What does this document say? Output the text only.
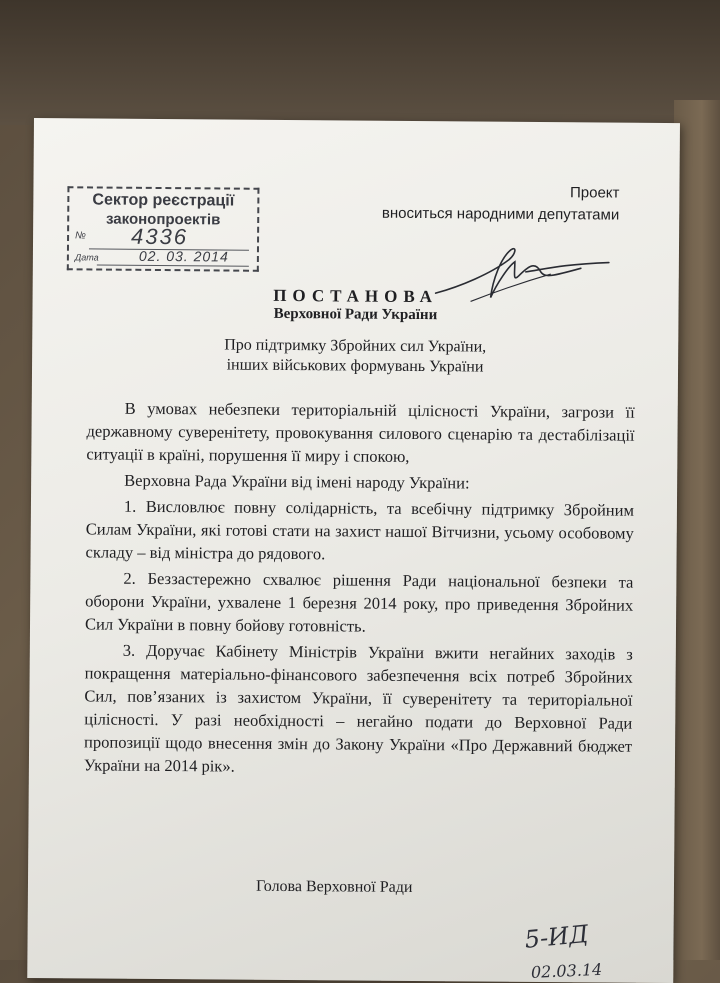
Сектор реєстрації
законопроектів
№ 4336
Дата	02. 03. 2014
Проект
вноситься народними депутатами
ПОСТАНОВА
Верховної Ради України
Про підтримку Збройних сил України,
інших військових формувань України

В умовах небезпеки територіальній цілісності України, загрози її державному суверенітету, провокування силового сценарію та дестабілізації ситуації в країні, порушення її миру і спокою,

Верховна Рада України від імені народу України:

1. Висловлює повну солідарність, та всебічну підтримку Збройним Силам України, які готові стати на захист нашої Вітчизни, усьому особовому складу – від міністра до рядового.

2. Беззастережно схвалює рішення Ради національної безпеки та оборони України, ухвалене 1 березня 2014 року, про приведення Збройних Сил України в повну бойову готовність.

3. Доручає Кабінету Міністрів України вжити негайних заходів з покращення матеріально-фінансового забезпечення всіх потреб Збройних Сил, пов’язаних із захистом України, її суверенітету та територіальної цілісності. У разі необхідності – негайно подати до Верховної Ради пропозиції щодо внесення змін до Закону України «Про Державний бюджет України на 2014 рік».

Голова Верховної Ради
5-ИД
02.03.14
